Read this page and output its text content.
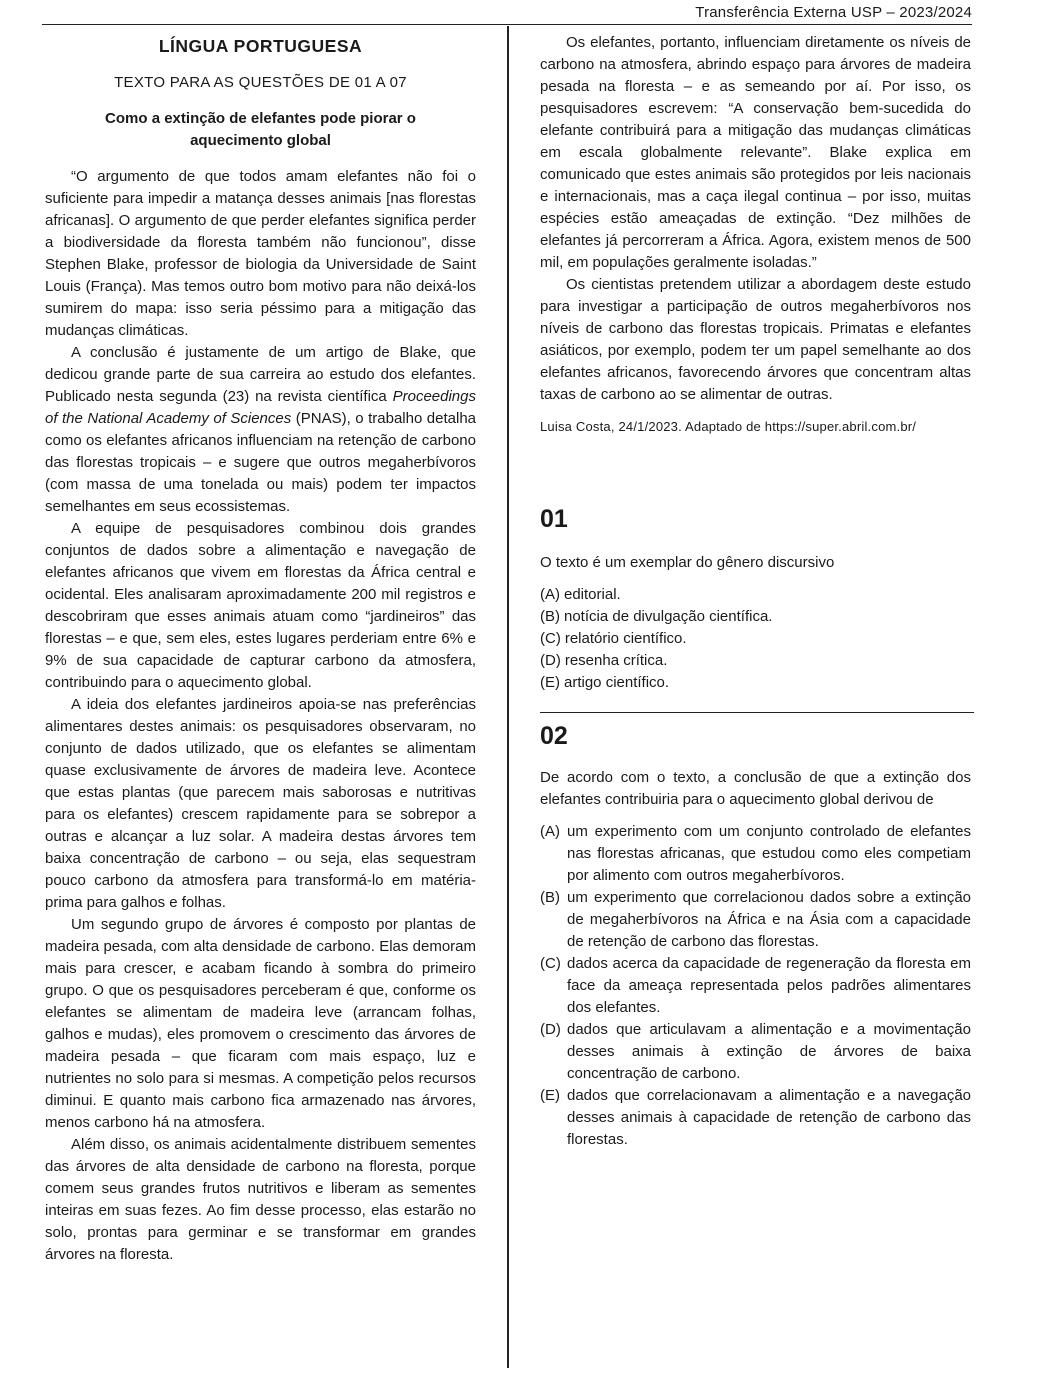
Transferência Externa USP – 2023/2024
LÍNGUA PORTUGUESA
TEXTO PARA AS QUESTÕES DE 01 A 07
Como a extinção de elefantes pode piorar o aquecimento global

“O argumento de que todos amam elefantes não foi o suficiente para impedir a matança desses animais [nas florestas africanas]. O argumento de que perder elefantes significa perder a biodiversidade da floresta também não funcionou”, disse Stephen Blake, professor de biologia da Universidade de Saint Louis (França). Mas temos outro bom motivo para não deixá-los sumirem do mapa: isso seria péssimo para a mitigação das mudanças climáticas.

A conclusão é justamente de um artigo de Blake, que dedicou grande parte de sua carreira ao estudo dos elefantes. Publicado nesta segunda (23) na revista científica Proceedings of the National Academy of Sciences (PNAS), o trabalho detalha como os elefantes africanos influenciam na retenção de carbono das florestas tropicais – e sugere que outros megaherbívoros (com massa de uma tonelada ou mais) podem ter impactos semelhantes em seus ecossistemas.

A equipe de pesquisadores combinou dois grandes conjuntos de dados sobre a alimentação e navegação de elefantes africanos que vivem em florestas da África central e ocidental. Eles analisaram aproximadamente 200 mil registros e descobriram que esses animais atuam como “jardineiros” das florestas – e que, sem eles, estes lugares perderiam entre 6% e 9% de sua capacidade de capturar carbono da atmosfera, contribuindo para o aquecimento global.

A ideia dos elefantes jardineiros apoia-se nas preferências alimentares destes animais: os pesquisadores observaram, no conjunto de dados utilizado, que os elefantes se alimentam quase exclusivamente de árvores de madeira leve. Acontece que estas plantas (que parecem mais saborosas e nutritivas para os elefantes) crescem rapidamente para se sobrepor a outras e alcançar a luz solar. A madeira destas árvores tem baixa concentração de carbono – ou seja, elas sequestram pouco carbono da atmosfera para transformá-lo em matéria-prima para galhos e folhas.

Um segundo grupo de árvores é composto por plantas de madeira pesada, com alta densidade de carbono. Elas demoram mais para crescer, e acabam ficando à sombra do primeiro grupo. O que os pesquisadores perceberam é que, conforme os elefantes se alimentam de madeira leve (arrancam folhas, galhos e mudas), eles promovem o crescimento das árvores de madeira pesada – que ficaram com mais espaço, luz e nutrientes no solo para si mesmas. A competição pelos recursos diminui. E quanto mais carbono fica armazenado nas árvores, menos carbono há na atmosfera.

Além disso, os animais acidentalmente distribuem sementes das árvores de alta densidade de carbono na floresta, porque comem seus grandes frutos nutritivos e liberam as sementes inteiras em suas fezes. Ao fim desse processo, elas estarão no solo, prontas para germinar e se transformar em grandes árvores na floresta.

Os elefantes, portanto, influenciam diretamente os níveis de carbono na atmosfera, abrindo espaço para árvores de madeira pesada na floresta – e as semeando por aí. Por isso, os pesquisadores escrevem: “A conservação bem-sucedida do elefante contribuirá para a mitigação das mudanças climáticas em escala globalmente relevante”. Blake explica em comunicado que estes animais são protegidos por leis nacionais e internacionais, mas a caça ilegal continua – por isso, muitas espécies estão ameaçadas de extinção. “Dez milhões de elefantes já percorreram a África. Agora, existem menos de 500 mil, em populações geralmente isoladas.”

Os cientistas pretendem utilizar a abordagem deste estudo para investigar a participação de outros megaherbívoros nos níveis de carbono das florestas tropicais. Primatas e elefantes asiáticos, por exemplo, podem ter um papel semelhante ao dos elefantes africanos, favorecendo árvores que concentram altas taxas de carbono ao se alimentar de outras.

Luisa Costa, 24/1/2023. Adaptado de https://super.abril.com.br/
01
O texto é um exemplar do gênero discursivo
(A) editorial.
(B) notícia de divulgação científica.
(C) relatório científico.
(D) resenha crítica.
(E) artigo científico.
02
De acordo com o texto, a conclusão de que a extinção dos elefantes contribuiria para o aquecimento global derivou de
(A) um experimento com um conjunto controlado de elefantes nas florestas africanas, que estudou como eles competiam por alimento com outros megaherbívoros.
(B) um experimento que correlacionou dados sobre a extinção de megaherbívoros na África e na Ásia com a capacidade de retenção de carbono das florestas.
(C) dados acerca da capacidade de regeneração da floresta em face da ameaça representada pelos padrões alimentares dos elefantes.
(D) dados que articulavam a alimentação e a movimentação desses animais à extinção de árvores de baixa concentração de carbono.
(E) dados que correlacionavam a alimentação e a navegação desses animais à capacidade de retenção de carbono das florestas.
